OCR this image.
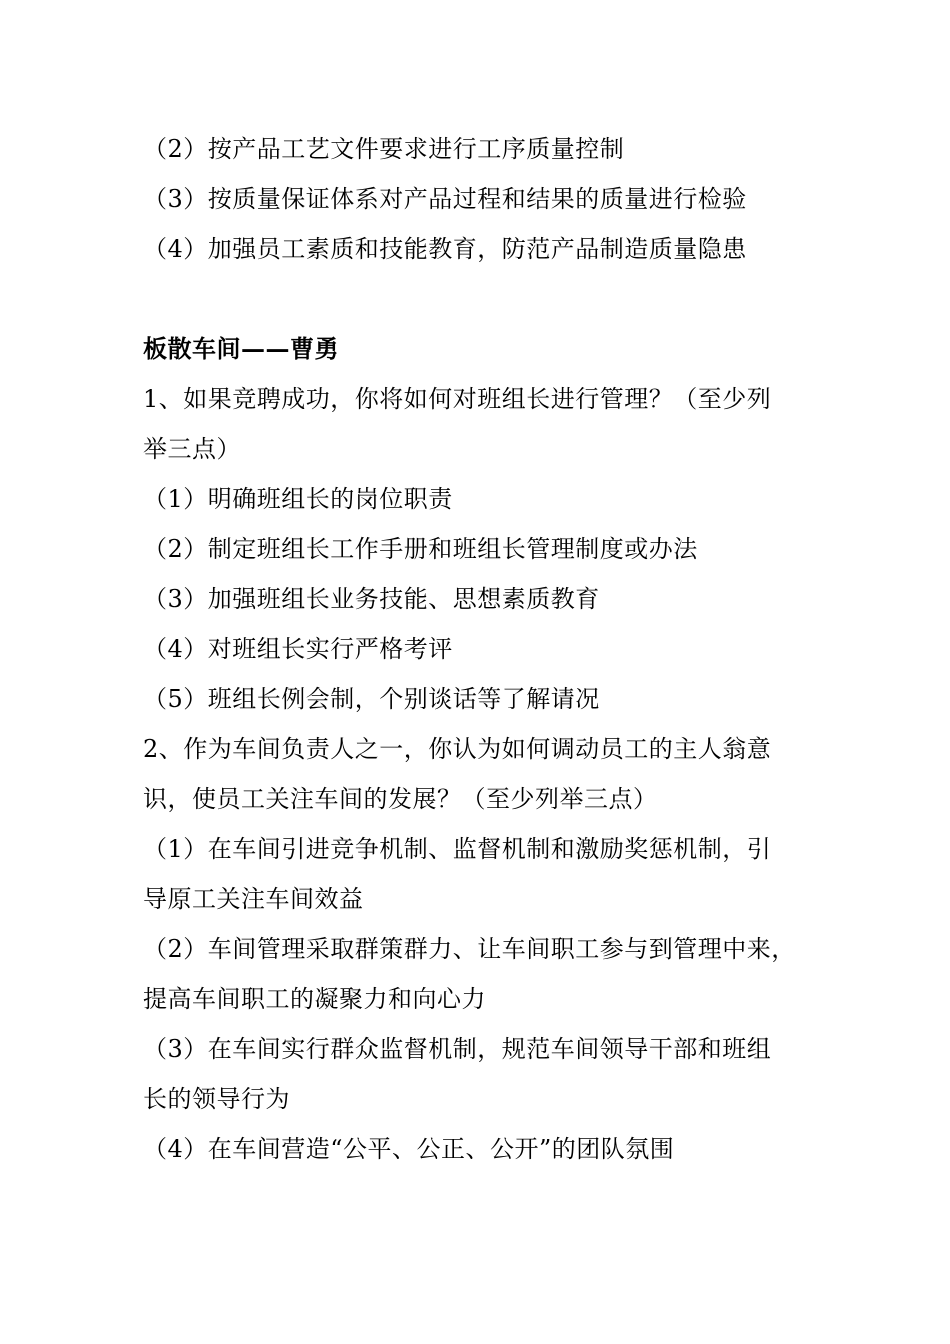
（2）按产品工艺文件要求进行工序质量控制
（3）按质量保证体系对产品过程和结果的质量进行检验
（4）加强员工素质和技能教育，防范产品制造质量隐患
板散车间——曹勇
1、如果竞聘成功，你将如何对班组长进行管理？（至少列
举三点）
（1）明确班组长的岗位职责
（2）制定班组长工作手册和班组长管理制度或办法
（3）加强班组长业务技能、思想素质教育
（4）对班组长实行严格考评
（5）班组长例会制，个别谈话等了解请况
2、作为车间负责人之一，你认为如何调动员工的主人翁意
识，使员工关注车间的发展？（至少列举三点）
（1）在车间引进竞争机制、监督机制和激励奖惩机制，引
导原工关注车间效益
（2）车间管理采取群策群力、让车间职工参与到管理中来，
提高车间职工的凝聚力和向心力
（3）在车间实行群众监督机制，规范车间领导干部和班组
长的领导行为
（4）在车间营造“公平、公正、公开”的团队氛围
